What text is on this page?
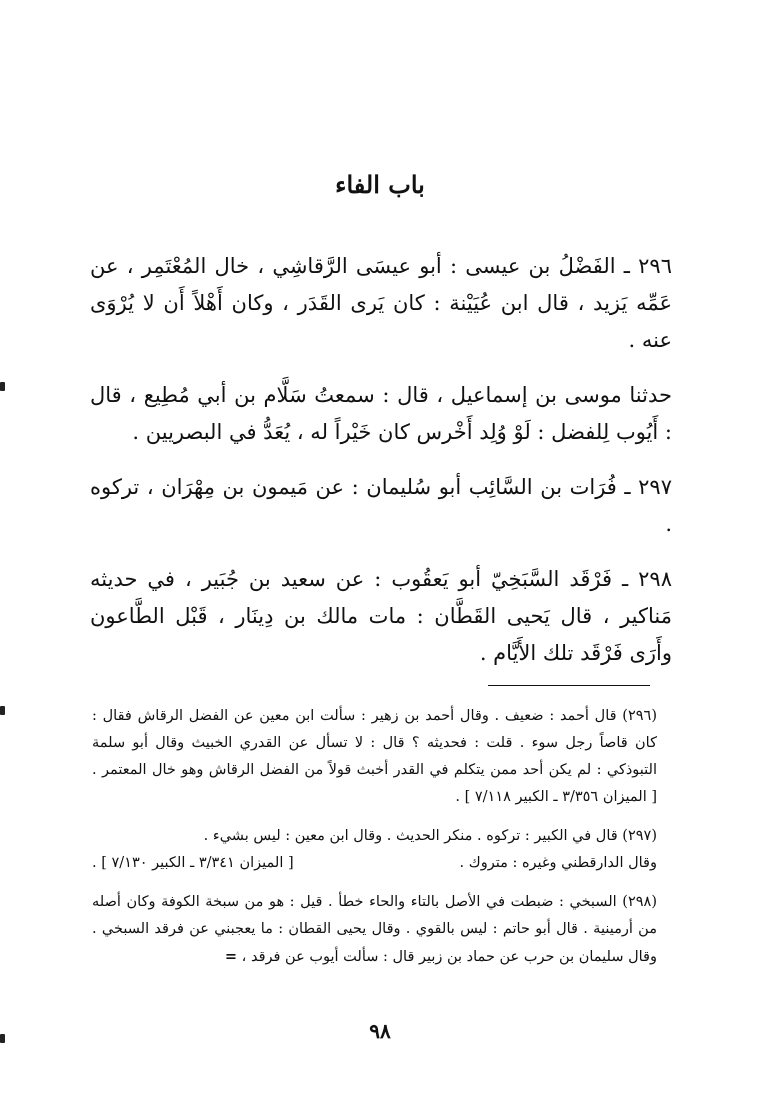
باب الفاء

٢٩٦ ـ الفَضْلُ بن عيسى : أبو عيسَى الرَّقاشِي ، خال المُعْتَمِر ، عن عَمِّه يَزيد ، قال ابن عُيَيْنة : كان يَرى القَدَر ، وكان أَهْلاً أَن لا يُرْوَى عنه .

حدثنا موسى بن إسماعيل ، قال : سمعتُ سَلَّام بن أبي مُطِيع ، قال : أَيُوب لِلفضل : لَوْ وُلِد أَخْرس كان خَيْراً له ، يُعَدُّ في البصريين .

٢٩٧ ـ فُرَات بن السَّائِب أبو سُليمان : عن مَيمون بن مِهْرَان ، تركوه .

٢٩٨ ـ فَرْقَد السَّبَخِيّ أبو يَعقُوب : عن سعيد بن جُبَير ، في حديثه مَناكير ، قال يَحيى القَطَّان : مات مالك بن دِينَار ، قَبْل الطَّاعون وأَرَى فَرْقَد تلك الأَيَّام .

(٢٩٦) قال أحمد : ضعيف . وقال أحمد بن زهير : سألت ابن معين عن الفضل الرقاش فقال : كان قاصاً رجل سوء . قلت : فحديثه ؟ قال : لا تسأل عن القدري الخبيث وقال أبو سلمة التبوذكي : لم يكن أحد ممن يتكلم في القدر أخبث قولاً من الفضل الرقاش وهو خال المعتمر . [ الميزان ٣/٣٥٦ ـ الكبير ٧/١١٨ ] .

(٢٩٧) قال في الكبير : تركوه . منكر الحديث . وقال ابن معين : ليس بشيء .
وقال الدارقطني وغيره : متروك .
[ الميزان ٣/٣٤١ ـ الكبير ٧/١٣٠ ] .

(٢٩٨) السبخي : ضبطت في الأصل بالتاء والحاء خطأ . قيل : هو من سبخة الكوفة وكان أصله من أرمينية . قال أبو حاتم : ليس بالقوي . وقال يحيى القطان : ما يعجبني عن فرقد السبخي . وقال سليمان بن حرب عن حماد بن زبير قال : سألت أيوب عن فرقد ، =

٩٨
